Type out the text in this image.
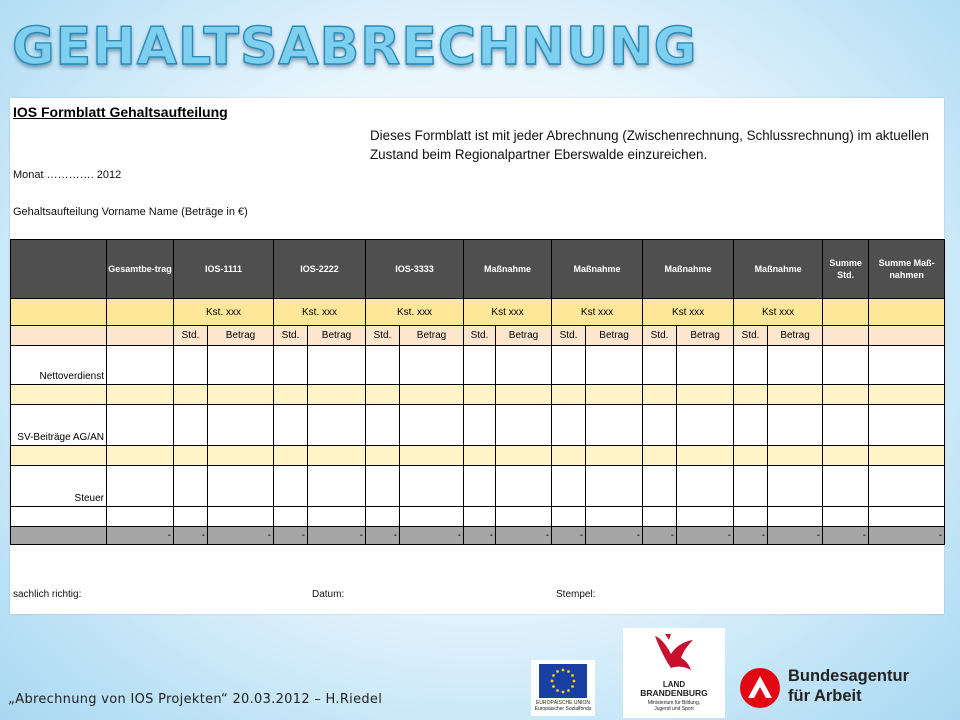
GEHALTSABRECHNUNG
IOS Formblatt Gehaltsaufteilung
Dieses Formblatt ist mit jeder Abrechnung (Zwischenrechnung, Schlussrechnung) im aktuellen Zustand beim Regionalpartner Eberswalde einzureichen.
Monat …………. 2012
Gehaltsaufteilung Vorname Name (Beträge in €)
	Gesamtbe-trag	IOS-1111		IOS-2222		IOS-3333		Maßnahme		Maßnahme		Maßnahme		Maßnahme		Summe Std.	Summe Maß-nahmen
		Kst. xxx		Kst. xxx		Kst. xxx		Kst xxx		Kst xxx		Kst xxx		Kst xxx			
		Std.	Betrag	Std.	Betrag	Std.	Betrag	Std.	Betrag	Std.	Betrag	Std.	Betrag	Std.	Betrag		
Nettoverdienst																	

SV-Beiträge AG/AN																	

Steuer																	

	-	-	-	-	-	-	-	-	-	-	-	-	-	-	-	-	-
sachlich richtig:	Datum:	Stempel:
„Abrechnung von IOS Projekten“ 20.03.2012 – H.Riedel	EUROPÄISCHE UNION
Europäischer Sozialfonds
LAND
BRANDENBURG
Ministerium für Bildung, Jugend und Sport
Bundesagentur
für Arbeit
